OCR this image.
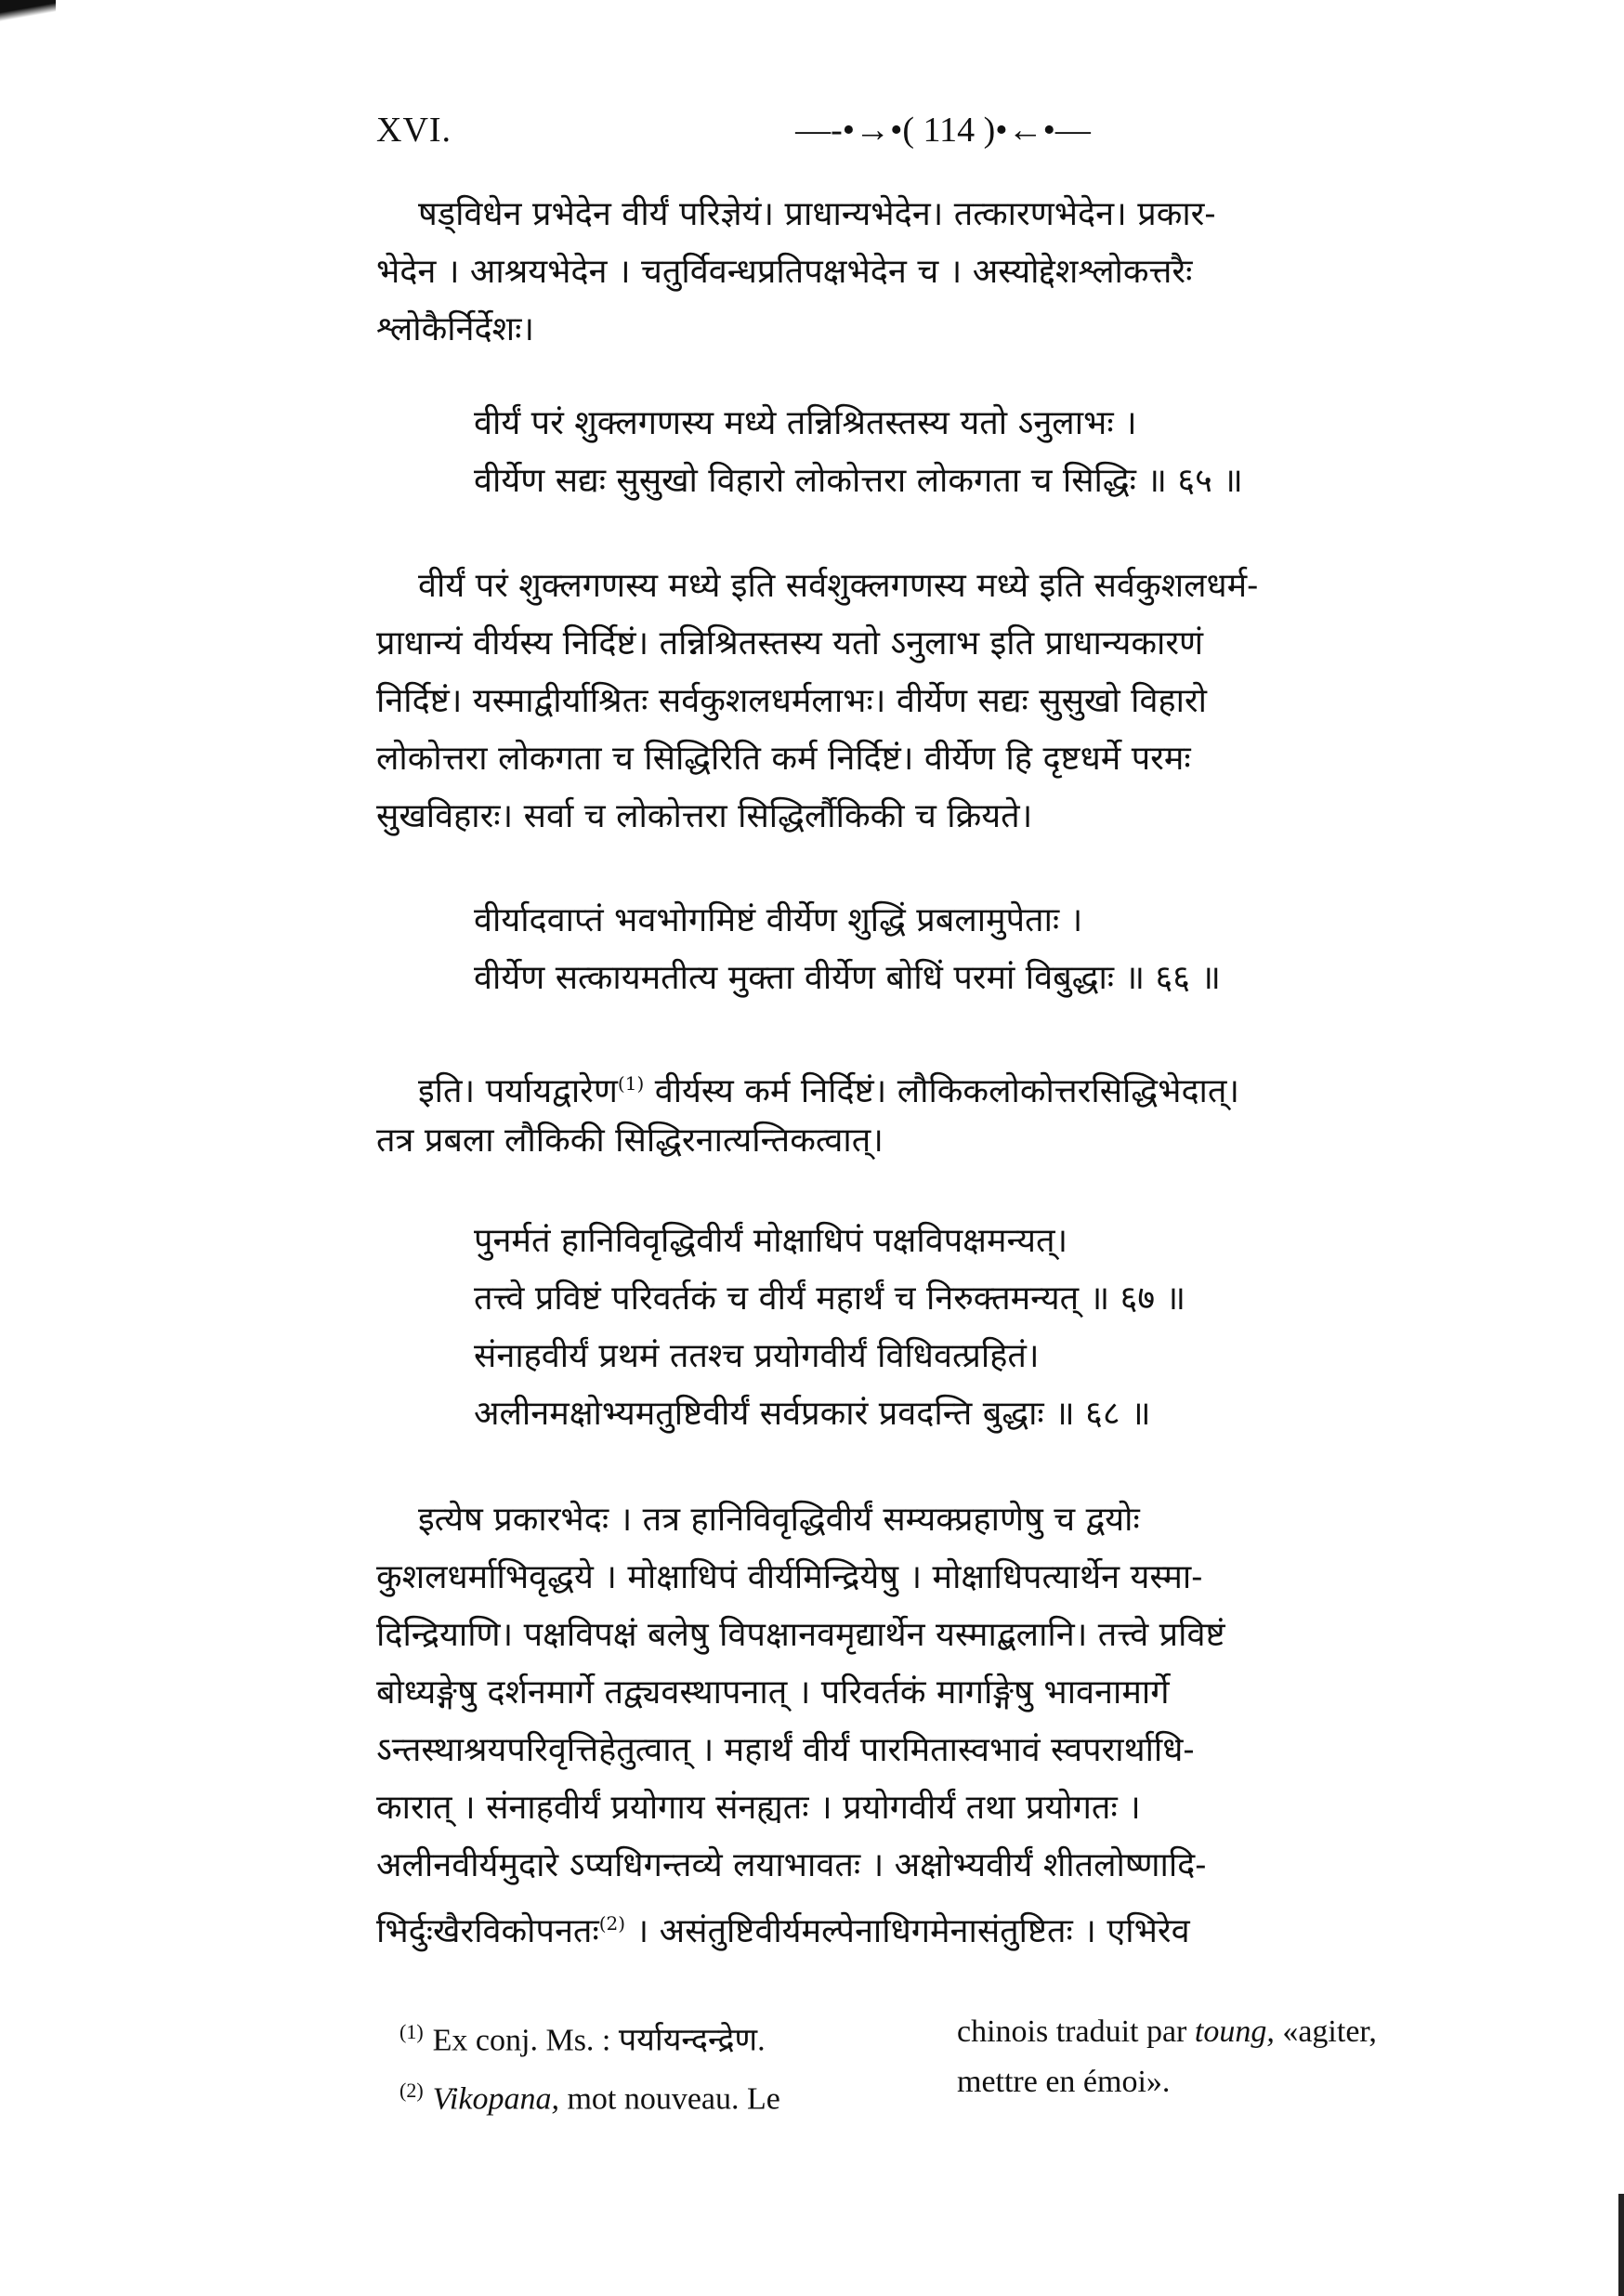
XVI.	—-•→•( 114 )•←•—
षड्विधेन प्रभेदेन वीर्यं परिज्ञेयं। प्राधान्यभेदेन। तत्कारणभेदेन। प्रकार-
भेदेन । आश्रयभेदेन । चतुर्विवन्धप्रतिपक्षभेदेन च । अस्योद्देशश्लोकत्तरैः
श्लोकैर्निर्देशः।
वीर्यं परं शुक्लगणस्य मध्ये तन्निश्रितस्तस्य यतो ऽनुलाभः ।
वीर्येण सद्यः सुसुखो विहारो लोकोत्तरा लोकगता च सिद्धिः ॥ ६५ ॥
वीर्यं परं शुक्लगणस्य मध्ये इति सर्वशुक्लगणस्य मध्ये इति सर्वकुशलधर्म-
प्राधान्यं वीर्यस्य निर्दिष्टं। तन्निश्रितस्तस्य यतो ऽनुलाभ इति प्राधान्यकारणं
निर्दिष्टं। यस्माद्वीर्याश्रितः सर्वकुशलधर्मलाभः। वीर्येण सद्यः सुसुखो विहारो
लोकोत्तरा लोकगता च सिद्धिरिति कर्म निर्दिष्टं। वीर्येण हि दृष्टधर्मे परमः
सुखविहारः। सर्वा च लोकोत्तरा सिद्धिर्लौकिकी च क्रियते।
वीर्यादवाप्तं भवभोगमिष्टं वीर्येण शुद्धिं प्रबलामुपेताः ।
वीर्येण सत्कायमतीत्य मुक्ता वीर्येण बोधिं परमां विबुद्धाः ॥ ६६ ॥
इति। पर्यायद्वारेण$^{(1)}$ वीर्यस्य कर्म निर्दिष्टं। लौकिकलोकोत्तरसिद्धिभेदात्।
तत्र प्रबला लौकिकी सिद्धिरनात्यन्तिकत्वात्।
पुनर्मतं हानिविवृद्धिवीर्यं मोक्षाधिपं पक्षविपक्षमन्यत्।
तत्त्वे प्रविष्टं परिवर्तकं च वीर्यं महार्थं च निरुक्तमन्यत् ॥ ६७ ॥
संनाहवीर्यं प्रथमं ततश्च प्रयोगवीर्यं विधिवत्प्रहितं।
अलीनमक्षोभ्यमतुष्टिवीर्यं सर्वप्रकारं प्रवदन्ति बुद्धाः ॥ ६८ ॥
इत्येष प्रकारभेदः । तत्र हानिविवृद्धिवीर्यं सम्यक्प्रहाणेषु च द्वयोः
कुशलधर्माभिवृद्धये । मोक्षाधिपं वीर्यमिन्द्रियेषु । मोक्षाधिपत्यार्थेन यस्मा-
दिन्द्रियाणि। पक्षविपक्षं बलेषु विपक्षानवमृद्यार्थेन यस्माद्बलानि। तत्त्वे प्रविष्टं
बोध्यङ्गेषु दर्शनमार्गे तद्व्यवस्थापनात् । परिवर्तकं मार्गाङ्गेषु भावनामार्गे
ऽन्तस्थाश्रयपरिवृत्तिहेतुत्वात् । महार्थं वीर्यं पारमितास्वभावं स्वपरार्थाधि-
कारात् । संनाहवीर्यं प्रयोगाय संनह्यतः । प्रयोगवीर्यं तथा प्रयोगतः ।
अलीनवीर्यमुदारे ऽप्यधिगन्तव्ये लयाभावतः । अक्षोभ्यवीर्यं शीतलोष्णादि-
भिर्दुःखैरविकोपनतः$^{(2)}$ । असंतुष्टिवीर्यमल्पेनाधिगमेनासंतुष्टितः । एभिरेव
$^{(1)}$ Ex conj. Ms. : पर्यायन्दन्द्रेण.
$^{(2)}$ Vikopana, mot nouveau. Le
chinois traduit par toung, «agiter,
mettre en émoi».
